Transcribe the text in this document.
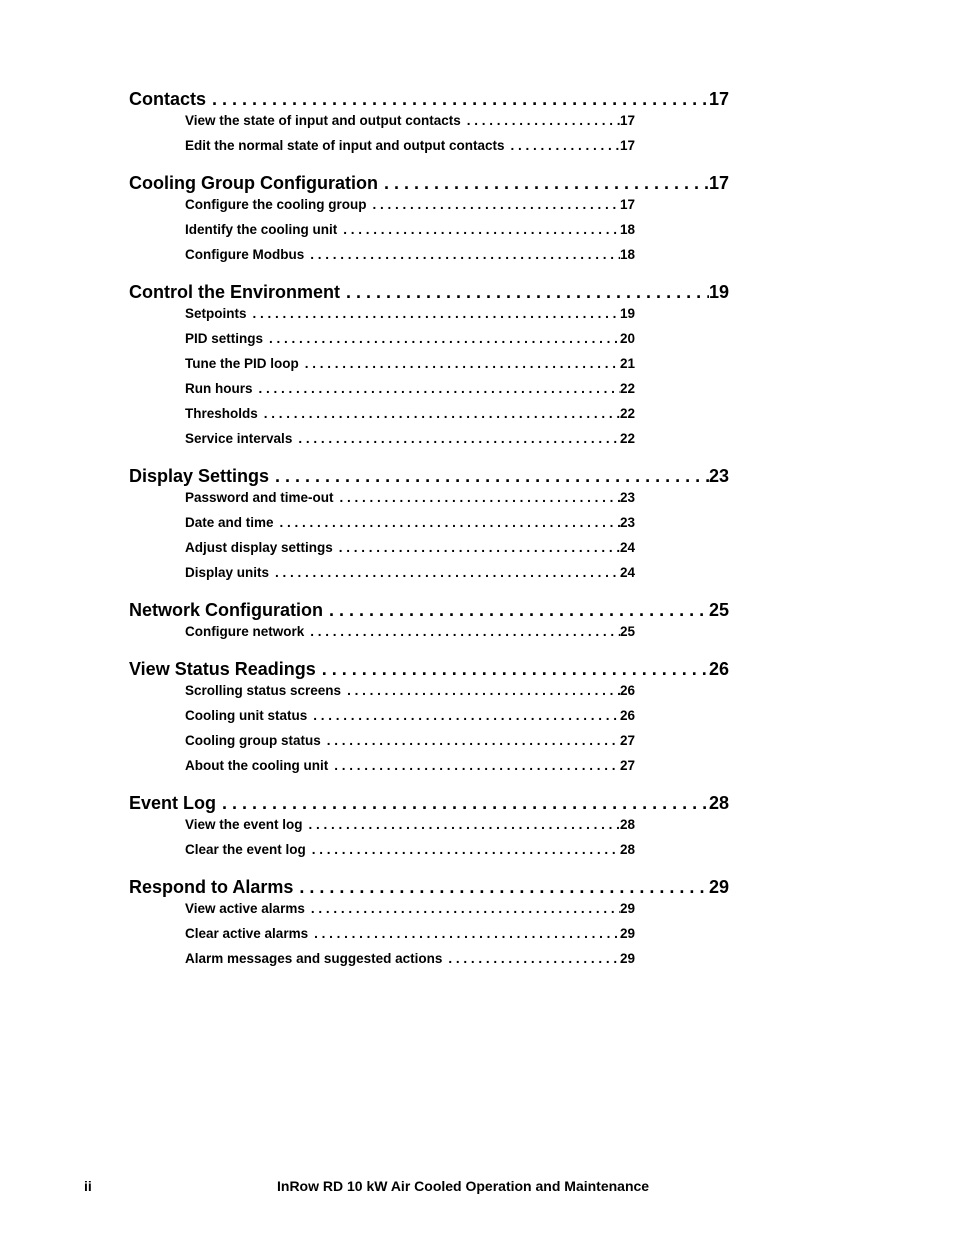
Contacts . . .	17
View the state of input and output contacts . . .	17
Edit the normal state of input and output contacts . . .	17
Cooling Group Configuration . . .	17
Configure the cooling group . . .	17
Identify the cooling unit . . .	18
Configure Modbus . . .	18
Control the Environment . . .	19
Setpoints . . .	19
PID settings . . .	20
Tune the PID loop . . .	21
Run hours . . .	22
Thresholds . . .	22
Service intervals . . .	22
Display Settings . . .	23
Password and time-out . . .	23
Date and time . . .	23
Adjust display settings . . .	24
Display units . . .	24
Network Configuration . . .	25
Configure network . . .	25
View Status Readings . . .	26
Scrolling status screens . . .	26
Cooling unit status . . .	26
Cooling group status . . .	27
About the cooling unit . . .	27
Event Log . . .	28
View the event log . . .	28
Clear the event log . . .	28
Respond to Alarms . . .	29
View active alarms . . .	29
Clear active alarms . . .	29
Alarm messages and suggested actions . . .	29
ii	InRow RD 10 kW Air Cooled Operation and Maintenance
